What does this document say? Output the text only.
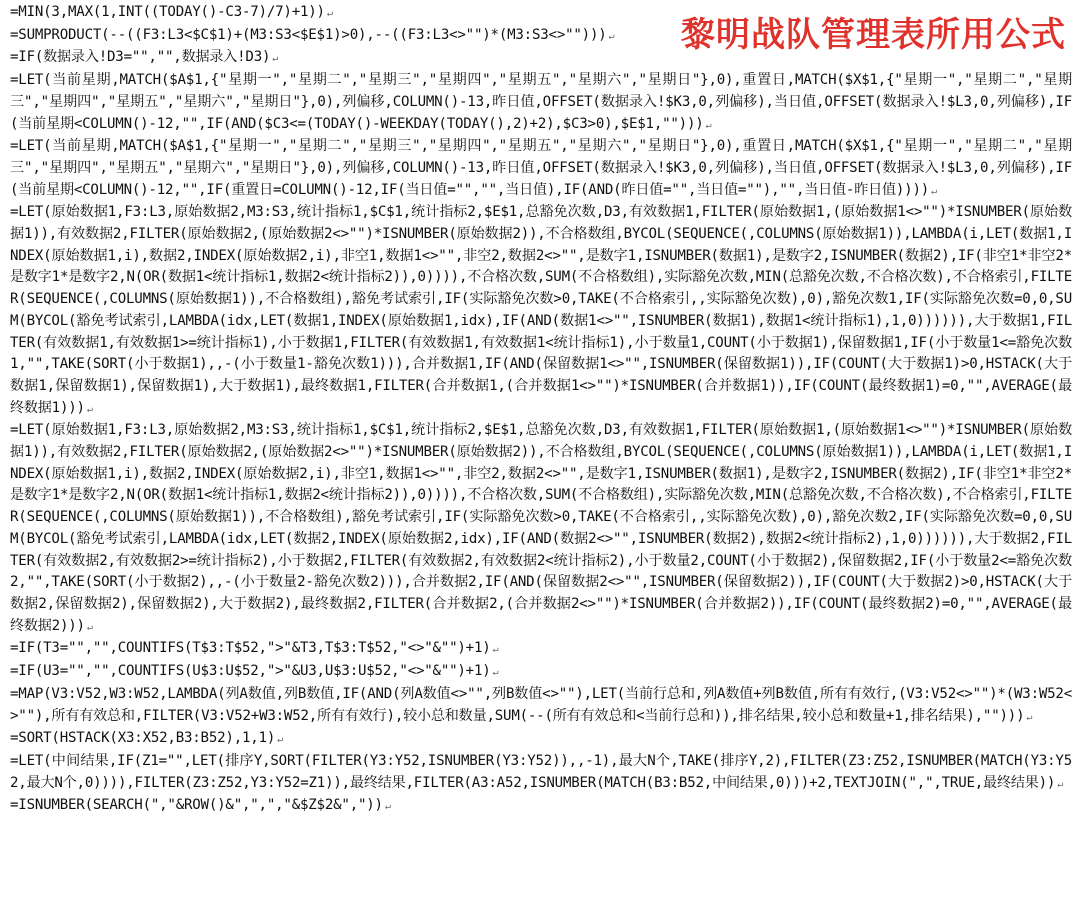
=MIN(3,MAX(1,INT((TODAY()-C3-7)/7)+1)) ↵
=SUMPRODUCT(--((F3:L3<$C$1)+(M3:S3<$E$1)>0),--((F3:L3<>"")*(M3:S3<>""))) ↵
=IF(数据录入!D3="","",数据录入!D3) ↵
=LET(当前星期,MATCH($A$1,{"星期一","星期二","星期三","星期四","星期五","星期六","星期日"},0),重置日,MATCH($X$1,{"星期一","星期二","星期三","星期四","星期五","星期六","星期日"},0),列偏移,COLUMN()-13,昨日值,OFFSET(数据录入!$K3,0,列偏移),当日值,OFFSET(数据录入!$L3,0,列偏移),IF(当前星期<COLUMN()-12,"",IF(AND($C3<=(TODAY()-WEEKDAY(TODAY(),2)+2),$C3>0),$E$1,""))) ↵
=LET(当前星期,MATCH($A$1,{"星期一","星期二","星期三","星期四","星期五","星期六","星期日"},0),重置日,MATCH($X$1,{"星期一","星期二","星期三","星期四","星期五","星期六","星期日"},0),列偏移,COLUMN()-13,昨日值,OFFSET(数据录入!$K3,0,列偏移),当日值,OFFSET(数据录入!$L3,0,列偏移),IF(当前星期<COLUMN()-12,"",IF(重置日=COLUMN()-12,IF(当日值="","",当日值),IF(AND(昨日值="",当日值=""),"",当日值-昨日值)))) ↵
=LET(原始数据1,F3:L3,原始数据2,M3:S3,统计指标1,$C$1,统计指标2,$E$1,总豁免次数,D3,有效数据1,FILTER(原始数据1,(原始数据1<>"")*ISNUMBER(原始数据1)),有效数据2,FILTER(原始数据2,(原始数据2<>"")*ISNUMBER(原始数据2)),不合格数组,BYCOL(SEQUENCE(,COLUMNS(原始数据1)),LAMBDA(i,LET(数据1,INDEX(原始数据1,i),数据2,INDEX(原始数据2,i),非空1,数据1<>"",非空2,数据2<>"",是数字1,ISNUMBER(数据1),是数字2,ISNUMBER(数据2),IF(非空1*非空2*是数字1*是数字2,N(OR(数据1<统计指标1,数据2<统计指标2)),0)))),不合格次数,SUM(不合格数组),实际豁免次数,MIN(总豁免次数,不合格次数),不合格索引,FILTER(SEQUENCE(,COLUMNS(原始数据1)),不合格数组),豁免考试索引,IF(实际豁免次数>0,TAKE(不合格索引,,实际豁免次数),0),豁免次数1,IF(实际豁免次数=0,0,SUM(BYCOL(豁免考试索引,LAMBDA(idx,LET(数据1,INDEX(原始数据1,idx),IF(AND(数据1<>"",ISNUMBER(数据1),数据1<统计指标1),1,0)))))),大于数据1,FILTER(有效数据1,有效数据1>=统计指标1),小于数据1,FILTER(有效数据1,有效数据1<统计指标1),小于数量1,COUNT(小于数据1),保留数据1,IF(小于数量1<=豁免次数1,"",TAKE(SORT(小于数据1),,-(小于数量1-豁免次数1))),合并数据1,IF(AND(保留数据1<>"",ISNUMBER(保留数据1)),IF(COUNT(大于数据1)>0,HSTACK(大于数据1,保留数据1),保留数据1),大于数据1),最终数据1,FILTER(合并数据1,(合并数据1<>"")*ISNUMBER(合并数据1)),IF(COUNT(最终数据1)=0,"",AVERAGE(最终数据1))) ↵
=LET(原始数据1,F3:L3,原始数据2,M3:S3,统计指标1,$C$1,统计指标2,$E$1,总豁免次数,D3,有效数据1,FILTER(原始数据1,(原始数据1<>"")*ISNUMBER(原始数据1)),有效数据2,FILTER(原始数据2,(原始数据2<>"")*ISNUMBER(原始数据2)),不合格数组,BYCOL(SEQUENCE(,COLUMNS(原始数据1)),LAMBDA(i,LET(数据1,INDEX(原始数据1,i),数据2,INDEX(原始数据2,i),非空1,数据1<>"",非空2,数据2<>"",是数字1,ISNUMBER(数据1),是数字2,ISNUMBER(数据2),IF(非空1*非空2*是数字1*是数字2,N(OR(数据1<统计指标1,数据2<统计指标2)),0)))),不合格次数,SUM(不合格数组),实际豁免次数,MIN(总豁免次数,不合格次数),不合格索引,FILTER(SEQUENCE(,COLUMNS(原始数据1)),不合格数组),豁免考试索引,IF(实际豁免次数>0,TAKE(不合格索引,,实际豁免次数),0),豁免次数2,IF(实际豁免次数=0,0,SUM(BYCOL(豁免考试索引,LAMBDA(idx,LET(数据2,INDEX(原始数据2,idx),IF(AND(数据2<>"",ISNUMBER(数据2),数据2<统计指标2),1,0)))))),大于数据2,FILTER(有效数据2,有效数据2>=统计指标2),小于数据2,FILTER(有效数据2,有效数据2<统计指标2),小于数量2,COUNT(小于数据2),保留数据2,IF(小于数量2<=豁免次数2,"",TAKE(SORT(小于数据2),,-(小于数量2-豁免次数2))),合并数据2,IF(AND(保留数据2<>"",ISNUMBER(保留数据2)),IF(COUNT(大于数据2)>0,HSTACK(大于数据2,保留数据2),保留数据2),大于数据2),最终数据2,FILTER(合并数据2,(合并数据2<>"")*ISNUMBER(合并数据2)),IF(COUNT(最终数据2)=0,"",AVERAGE(最终数据2))) ↵
=IF(T3="","",COUNTIFS(T$3:T$52,">"&T3,T$3:T$52,"<>"&"")+1) ↵
=IF(U3="","",COUNTIFS(U$3:U$52,">"&U3,U$3:U$52,"<>"&"")+1) ↵
=MAP(V3:V52,W3:W52,LAMBDA(列A数值,列B数值,IF(AND(列A数值<>"",列B数值<>""),LET(当前行总和,列A数值+列B数值,所有有效行,(V3:V52<>"")*(W3:W52<>""),所有有效总和,FILTER(V3:V52+W3:W52,所有有效行),较小总和数量,SUM(--(所有有效总和<当前行总和)),排名结果,较小总和数量+1,排名结果),""))) ↵
=SORT(HSTACK(X3:X52,B3:B52),1,1) ↵
=LET(中间结果,IF(Z1="",LET(排序Y,SORT(FILTER(Y3:Y52,ISNUMBER(Y3:Y52)),,-1),最大N个,TAKE(排序Y,2),FILTER(Z3:Z52,ISNUMBER(MATCH(Y3:Y52,最大N个,0)))),FILTER(Z3:Z52,Y3:Y52=Z1)),最终结果,FILTER(A3:A52,ISNUMBER(MATCH(B3:B52,中间结果,0)))+2,TEXTJOIN(",",TRUE,最终结果)) ↵
=ISNUMBER(SEARCH(","&ROW()&",",","&$Z$2&",")) ↵
黎明战队管理表所用公式
